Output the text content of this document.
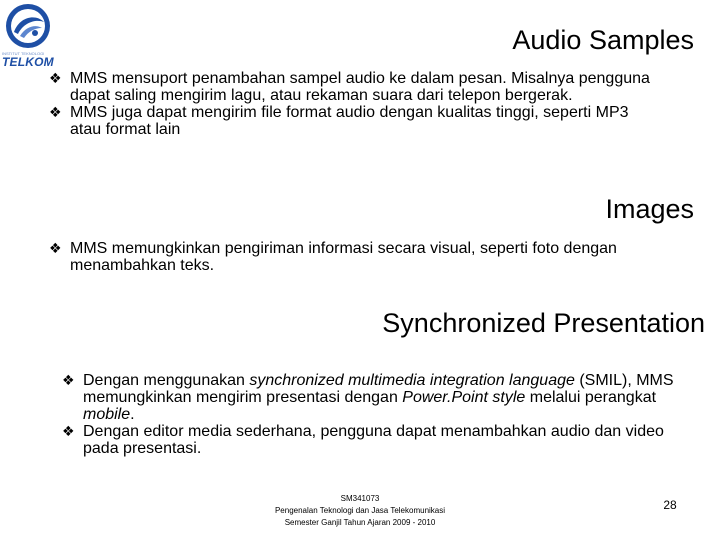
INSTITUT TEKNOLOGI
TELKOM
Audio Samples
❖ MMS mensuport penambahan sampel audio ke dalam pesan. Misalnya pengguna dapat saling mengirim lagu, atau rekaman suara dari telepon bergerak.
❖ MMS juga dapat mengirim file format audio dengan kualitas tinggi, seperti MP3 atau format lain
Images
❖ MMS memungkinkan pengiriman informasi secara visual, seperti foto dengan menambahkan teks.
Synchronized Presentation
❖ Dengan menggunakan synchronized multimedia integration language (SMIL), MMS memungkinkan mengirim presentasi dengan Power.Point style melalui perangkat mobile.
❖ Dengan editor media sederhana, pengguna dapat menambahkan audio dan video pada presentasi.
SM341073
Pengenalan Teknologi dan Jasa Telekomunikasi
Semester Ganjil Tahun Ajaran 2009 - 2010
28
